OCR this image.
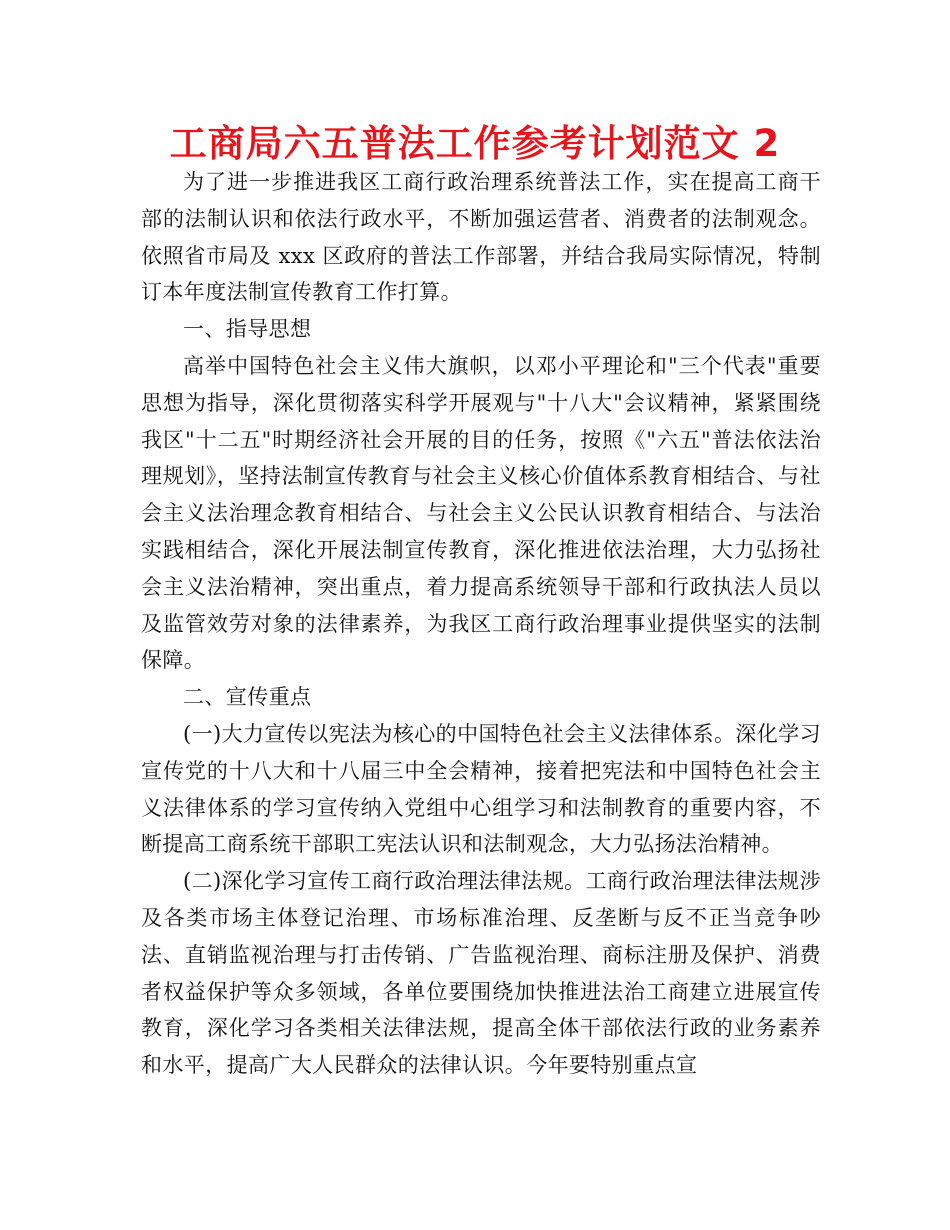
工商局六五普法工作参考计划范文 2

为了进一步推进我区工商行政治理系统普法工作，实在提高工商干部的法制认识和依法行政水平，不断加强运营者、消费者的法制观念。依照省市局及 xxx 区政府的普法工作部署，并结合我局实际情况，特制订本年度法制宣传教育工作打算。

一、指导思想

高举中国特色社会主义伟大旗帜，以邓小平理论和"三个代表"重要思想为指导，深化贯彻落实科学开展观与"十八大"会议精神，紧紧围绕我区"十二五"时期经济社会开展的目的任务，按照《"六五"普法依法治理规划》，坚持法制宣传教育与社会主义核心价值体系教育相结合、与社会主义法治理念教育相结合、与社会主义公民认识教育相结合、与法治实践相结合，深化开展法制宣传教育，深化推进依法治理，大力弘扬社会主义法治精神，突出重点，着力提高系统领导干部和行政执法人员以及监管效劳对象的法律素养，为我区工商行政治理事业提供坚实的法制保障。

二、宣传重点

(一)大力宣传以宪法为核心的中国特色社会主义法律体系。深化学习宣传党的十八大和十八届三中全会精神，接着把宪法和中国特色社会主义法律体系的学习宣传纳入党组中心组学习和法制教育的重要内容，不断提高工商系统干部职工宪法认识和法制观念，大力弘扬法治精神。

(二)深化学习宣传工商行政治理法律法规。工商行政治理法律法规涉及各类市场主体登记治理、市场标准治理、反垄断与反不正当竞争吵法、直销监视治理与打击传销、广告监视治理、商标注册及保护、消费者权益保护等众多领域，各单位要围绕加快推进法治工商建立进展宣传教育，深化学习各类相关法律法规，提高全体干部依法行政的业务素养和水平，提高广大人民群众的法律认识。今年要特别重点宣
